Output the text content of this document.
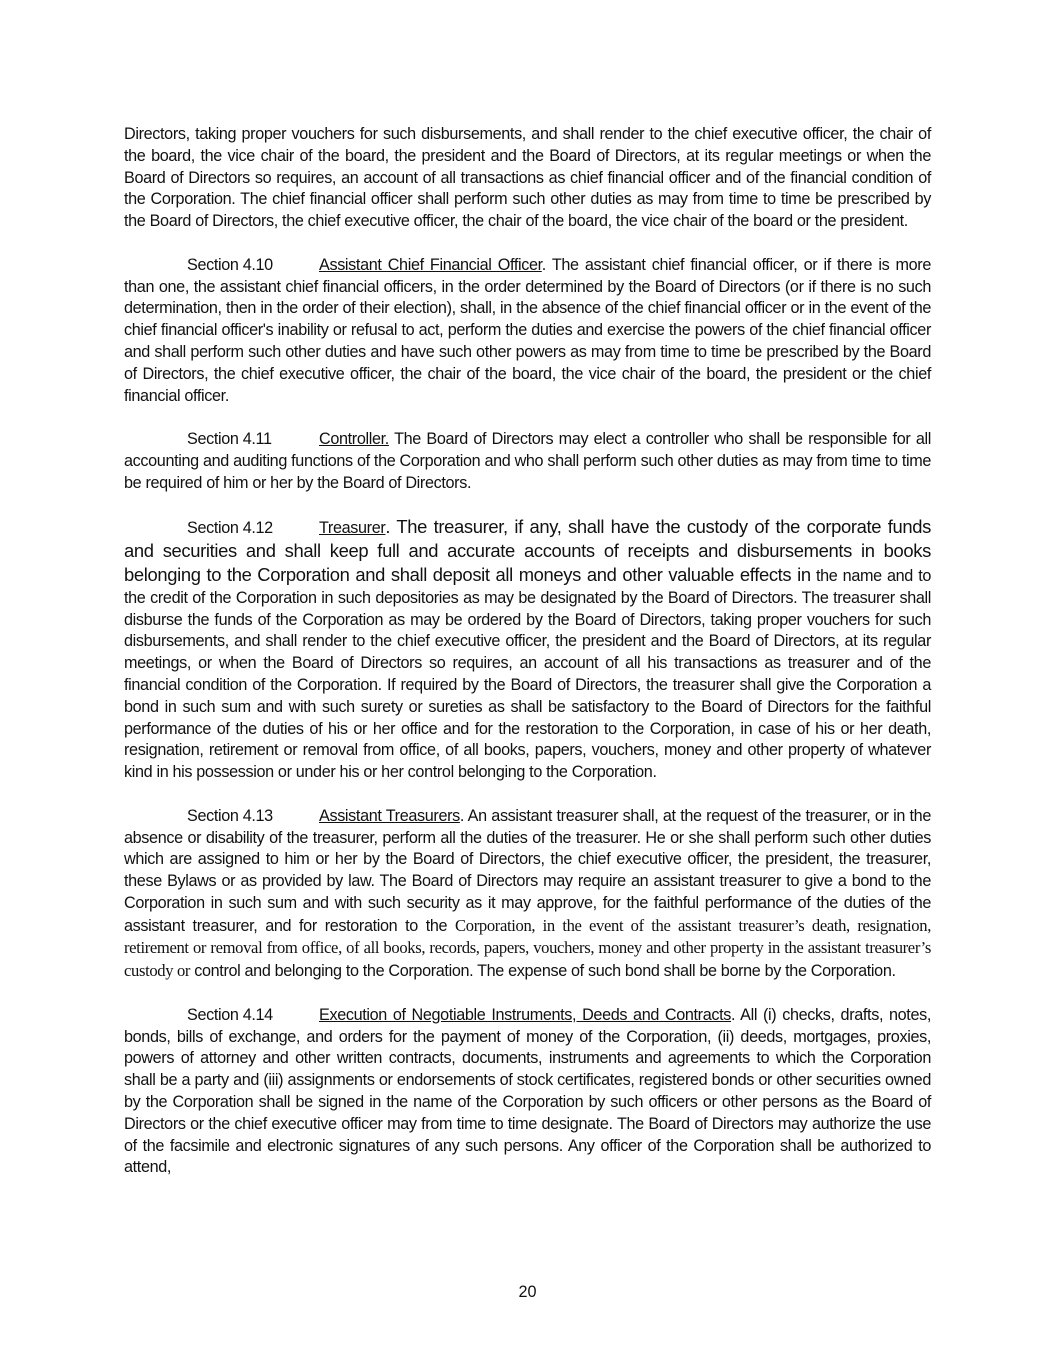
Directors, taking proper vouchers for such disbursements, and shall render to the chief executive officer, the chair of the board, the vice chair of the board, the president and the Board of Directors, at its regular meetings or when the Board of Directors so requires, an account of all transactions as chief financial officer and of the financial condition of the Corporation. The chief financial officer shall perform such other duties as may from time to time be prescribed by the Board of Directors, the chief executive officer, the chair of the board, the vice chair of the board or the president.

Section 4.10	Assistant Chief Financial Officer. The assistant chief financial officer, or if there is more than one, the assistant chief financial officers, in the order determined by the Board of Directors (or if there is no such determination, then in the order of their election), shall, in the absence of the chief financial officer or in the event of the chief financial officer's inability or refusal to act, perform the duties and exercise the powers of the chief financial officer and shall perform such other duties and have such other powers as may from time to time be prescribed by the Board of Directors, the chief executive officer, the chair of the board, the vice chair of the board, the president or the chief financial officer.

Section 4.11	Controller. The Board of Directors may elect a controller who shall be responsible for all accounting and auditing functions of the Corporation and who shall perform such other duties as may from time to time be required of him or her by the Board of Directors.

Section 4.12	Treasurer. The treasurer, if any, shall have the custody of the corporate funds and securities and shall keep full and accurate accounts of receipts and disbursements in books belonging to the Corporation and shall deposit all moneys and other valuable effects in the name and to the credit of the Corporation in such depositories as may be designated by the Board of Directors. The treasurer shall disburse the funds of the Corporation as may be ordered by the Board of Directors, taking proper vouchers for such disbursements, and shall render to the chief executive officer, the president and the Board of Directors, at its regular meetings, or when the Board of Directors so requires, an account of all his transactions as treasurer and of the financial condition of the Corporation. If required by the Board of Directors, the treasurer shall give the Corporation a bond in such sum and with such surety or sureties as shall be satisfactory to the Board of Directors for the faithful performance of the duties of his or her office and for the restoration to the Corporation, in case of his or her death, resignation, retirement or removal from office, of all books, papers, vouchers, money and other property of whatever kind in his possession or under his or her control belonging to the Corporation.

Section 4.13	Assistant Treasurers. An assistant treasurer shall, at the request of the treasurer, or in the absence or disability of the treasurer, perform all the duties of the treasurer. He or she shall perform such other duties which are assigned to him or her by the Board of Directors, the chief executive officer, the president, the treasurer, these Bylaws or as provided by law. The Board of Directors may require an assistant treasurer to give a bond to the Corporation in such sum and with such security as it may approve, for the faithful performance of the duties of the assistant treasurer, and for restoration to the Corporation, in the event of the assistant treasurer’s death, resignation, retirement or removal from office, of all books, records, papers, vouchers, money and other property in the assistant treasurer’s custody or control and belonging to the Corporation. The expense of such bond shall be borne by the Corporation.

Section 4.14	Execution of Negotiable Instruments, Deeds and Contracts. All (i) checks, drafts, notes, bonds, bills of exchange, and orders for the payment of money of the Corporation, (ii) deeds, mortgages, proxies, powers of attorney and other written contracts, documents, instruments and agreements to which the Corporation shall be a party and (iii) assignments or endorsements of stock certificates, registered bonds or other securities owned by the Corporation shall be signed in the name of the Corporation by such officers or other persons as the Board of Directors or the chief executive officer may from time to time designate. The Board of Directors may authorize the use of the facsimile and electronic signatures of any such persons. Any officer of the Corporation shall be authorized to attend,

20
